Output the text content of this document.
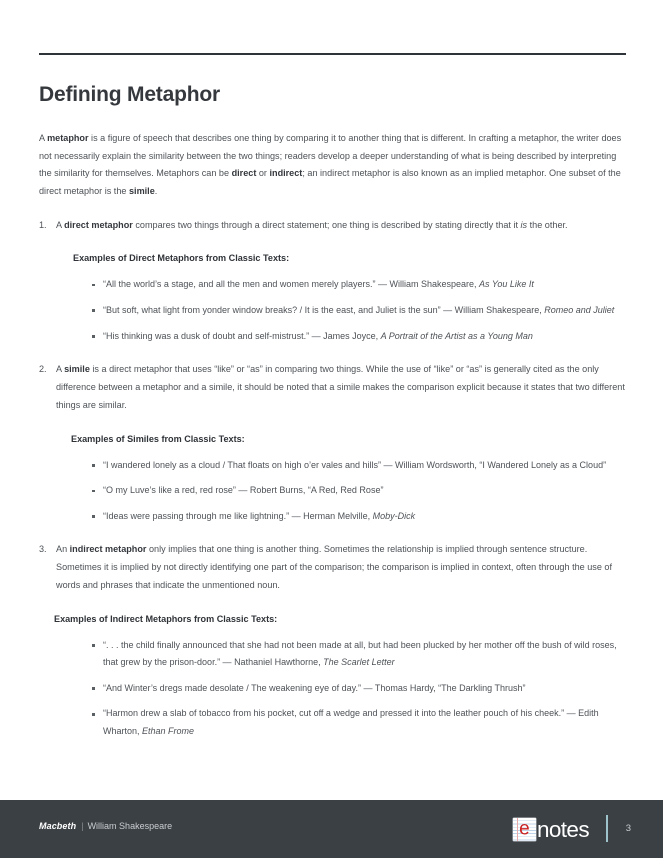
Defining Metaphor

A metaphor is a figure of speech that describes one thing by comparing it to another thing that is different. In crafting a metaphor, the writer does not necessarily explain the similarity between the two things; readers develop a deeper understanding of what is being described by interpreting the similarity for themselves. Metaphors can be direct or indirect; an indirect metaphor is also known as an implied metaphor. One subset of the direct metaphor is the simile.

1. A direct metaphor compares two things through a direct statement; one thing is described by stating directly that it is the other.
Examples of Direct Metaphors from Classic Texts:
“All the world’s a stage, and all the men and women merely players.” — William Shakespeare, As You Like It
“But soft, what light from yonder window breaks? / It is the east, and Juliet is the sun” — William Shakespeare, Romeo and Juliet
“His thinking was a dusk of doubt and self-mistrust.” — James Joyce, A Portrait of the Artist as a Young Man
2. A simile is a direct metaphor that uses “like” or “as” in comparing two things. While the use of “like” or “as” is generally cited as the only difference between a metaphor and a simile, it should be noted that a simile makes the comparison explicit because it states that two different things are similar.
Examples of Similes from Classic Texts:
“I wandered lonely as a cloud / That floats on high o’er vales and hills” — William Wordsworth, “I Wandered Lonely as a Cloud”
“O my Luve’s like a red, red rose” — Robert Burns, “A Red, Red Rose”
“Ideas were passing through me like lightning.” — Herman Melville, Moby-Dick
3. An indirect metaphor only implies that one thing is another thing. Sometimes the relationship is implied through sentence structure. Sometimes it is implied by not directly identifying one part of the comparison; the comparison is implied in context, often through the use of words and phrases that indicate the unmentioned noun.
Examples of Indirect Metaphors from Classic Texts:
“. . . the child finally announced that she had not been made at all, but had been plucked by her mother off the bush of wild roses, that grew by the prison-door.” — Nathaniel Hawthorne, The Scarlet Letter
“And Winter’s dregs made desolate / The weakening eye of day.” — Thomas Hardy, “The Darkling Thrush”
“Harmon drew a slab of tobacco from his pocket, cut off a wedge and pressed it into the leather pouch of his cheek.” — Edith Wharton, Ethan Frome
Macbeth | William Shakespeare	e notes	3
